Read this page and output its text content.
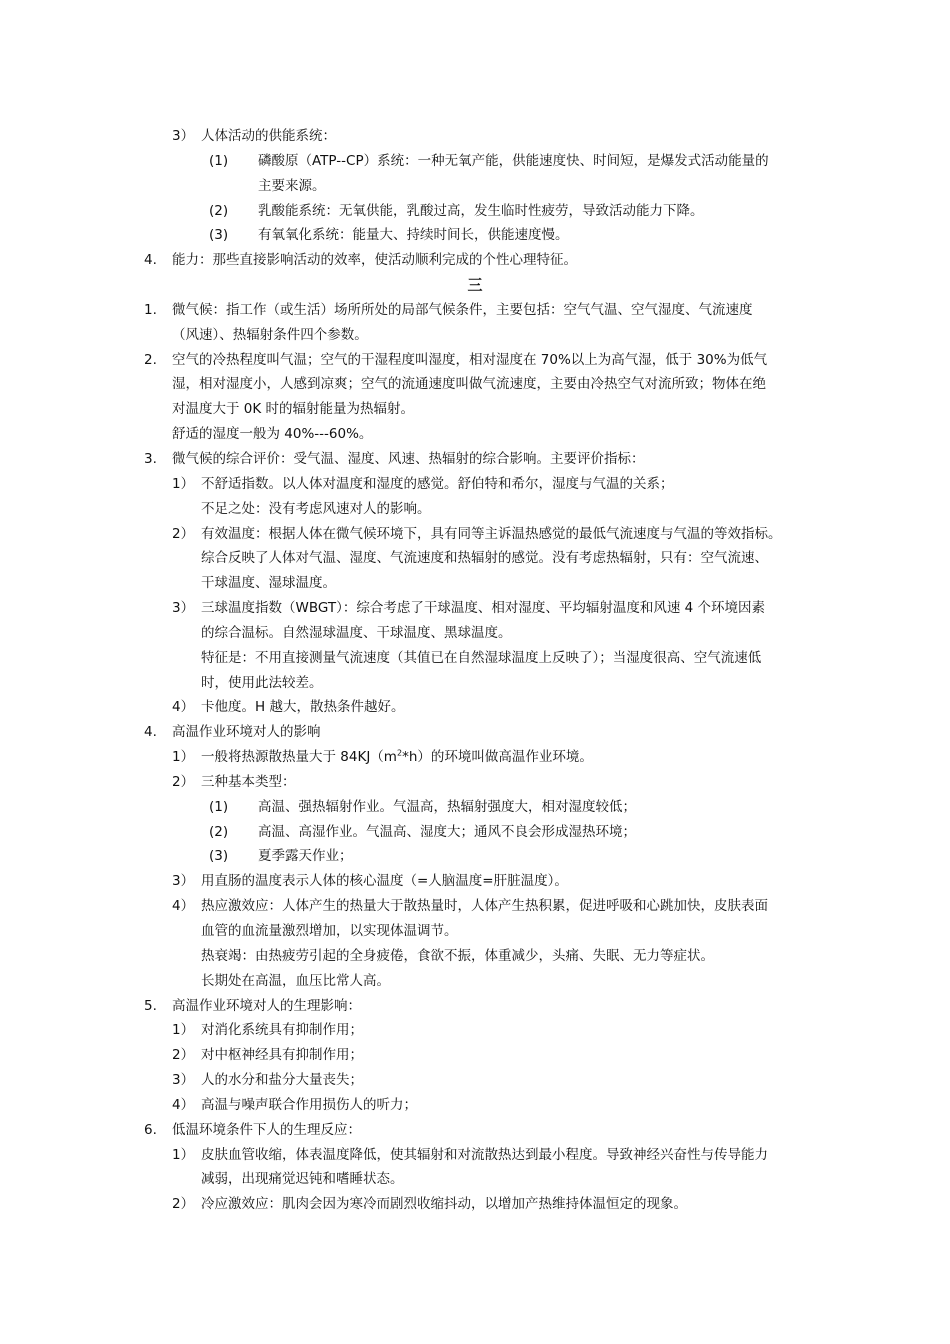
3） 人体活动的供能系统：
(1) 磷酸原（ATP--CP）系统：一种无氧产能，供能速度快、时间短，是爆发式活动能量的
主要来源。
(2) 乳酸能系统：无氧供能，乳酸过高，发生临时性疲劳，导致活动能力下降。
(3) 有氧氧化系统：能量大、持续时间长，供能速度慢。
4. 能力：那些直接影响活动的效率，使活动顺利完成的个性心理特征。
三
1. 微气候：指工作（或生活）场所所处的局部气候条件，主要包括：空气气温、空气湿度、气流速度
（风速）、热辐射条件四个参数。
2. 空气的冷热程度叫气温；空气的干湿程度叫湿度，相对湿度在 70%以上为高气湿，低于 30%为低气
湿，相对湿度小，人感到凉爽；空气的流通速度叫做气流速度，主要由冷热空气对流所致；物体在绝
对温度大于 0K 时的辐射能量为热辐射。
舒适的湿度一般为 40%---60%。
3. 微气候的综合评价：受气温、湿度、风速、热辐射的综合影响。主要评价指标：
1） 不舒适指数。以人体对温度和湿度的感觉。舒伯特和希尔，湿度与气温的关系；
不足之处：没有考虑风速对人的影响。
2） 有效温度：根据人体在微气候环境下，具有同等主诉温热感觉的最低气流速度与气温的等效指标。
综合反映了人体对气温、湿度、气流速度和热辐射的感觉。没有考虑热辐射，只有：空气流速、
干球温度、湿球温度。
3） 三球温度指数（WBGT）：综合考虑了干球温度、相对湿度、平均辐射温度和风速 4 个环境因素
的综合温标。自然湿球温度、干球温度、黑球温度。
特征是：不用直接测量气流速度（其值已在自然湿球温度上反映了）；当湿度很高、空气流速低
时，使用此法较差。
4） 卡他度。H 越大，散热条件越好。
4. 高温作业环境对人的影响
1） 一般将热源散热量大于 $84KJ(m^2*h)$的环境叫做高温作业环境。
2） 三种基本类型：
(1) 高温、强热辐射作业。气温高，热辐射强度大，相对湿度较低；
(2) 高温、高湿作业。气温高、湿度大；通风不良会形成湿热环境；
(3) 夏季露天作业；
3） 用直肠的温度表示人体的核心温度（=人脑温度=肝脏温度）。
4） 热应激效应：人体产生的热量大于散热量时，人体产生热积累，促进呼吸和心跳加快，皮肤表面
血管的血流量激烈增加，以实现体温调节。
热衰竭：由热疲劳引起的全身疲倦，食欲不振，体重减少，头痛、失眠、无力等症状。
长期处在高温，血压比常人高。
5. 高温作业环境对人的生理影响：
1） 对消化系统具有抑制作用；
2） 对中枢神经具有抑制作用；
3） 人的水分和盐分大量丧失；
4） 高温与噪声联合作用损伤人的听力；
6. 低温环境条件下人的生理反应：
1） 皮肤血管收缩，体表温度降低，使其辐射和对流散热达到最小程度。导致神经兴奋性与传导能力
减弱，出现痛觉迟钝和嗜睡状态。
2） 冷应激效应：肌肉会因为寒冷而剧烈收缩抖动，以增加产热维持体温恒定的现象。
